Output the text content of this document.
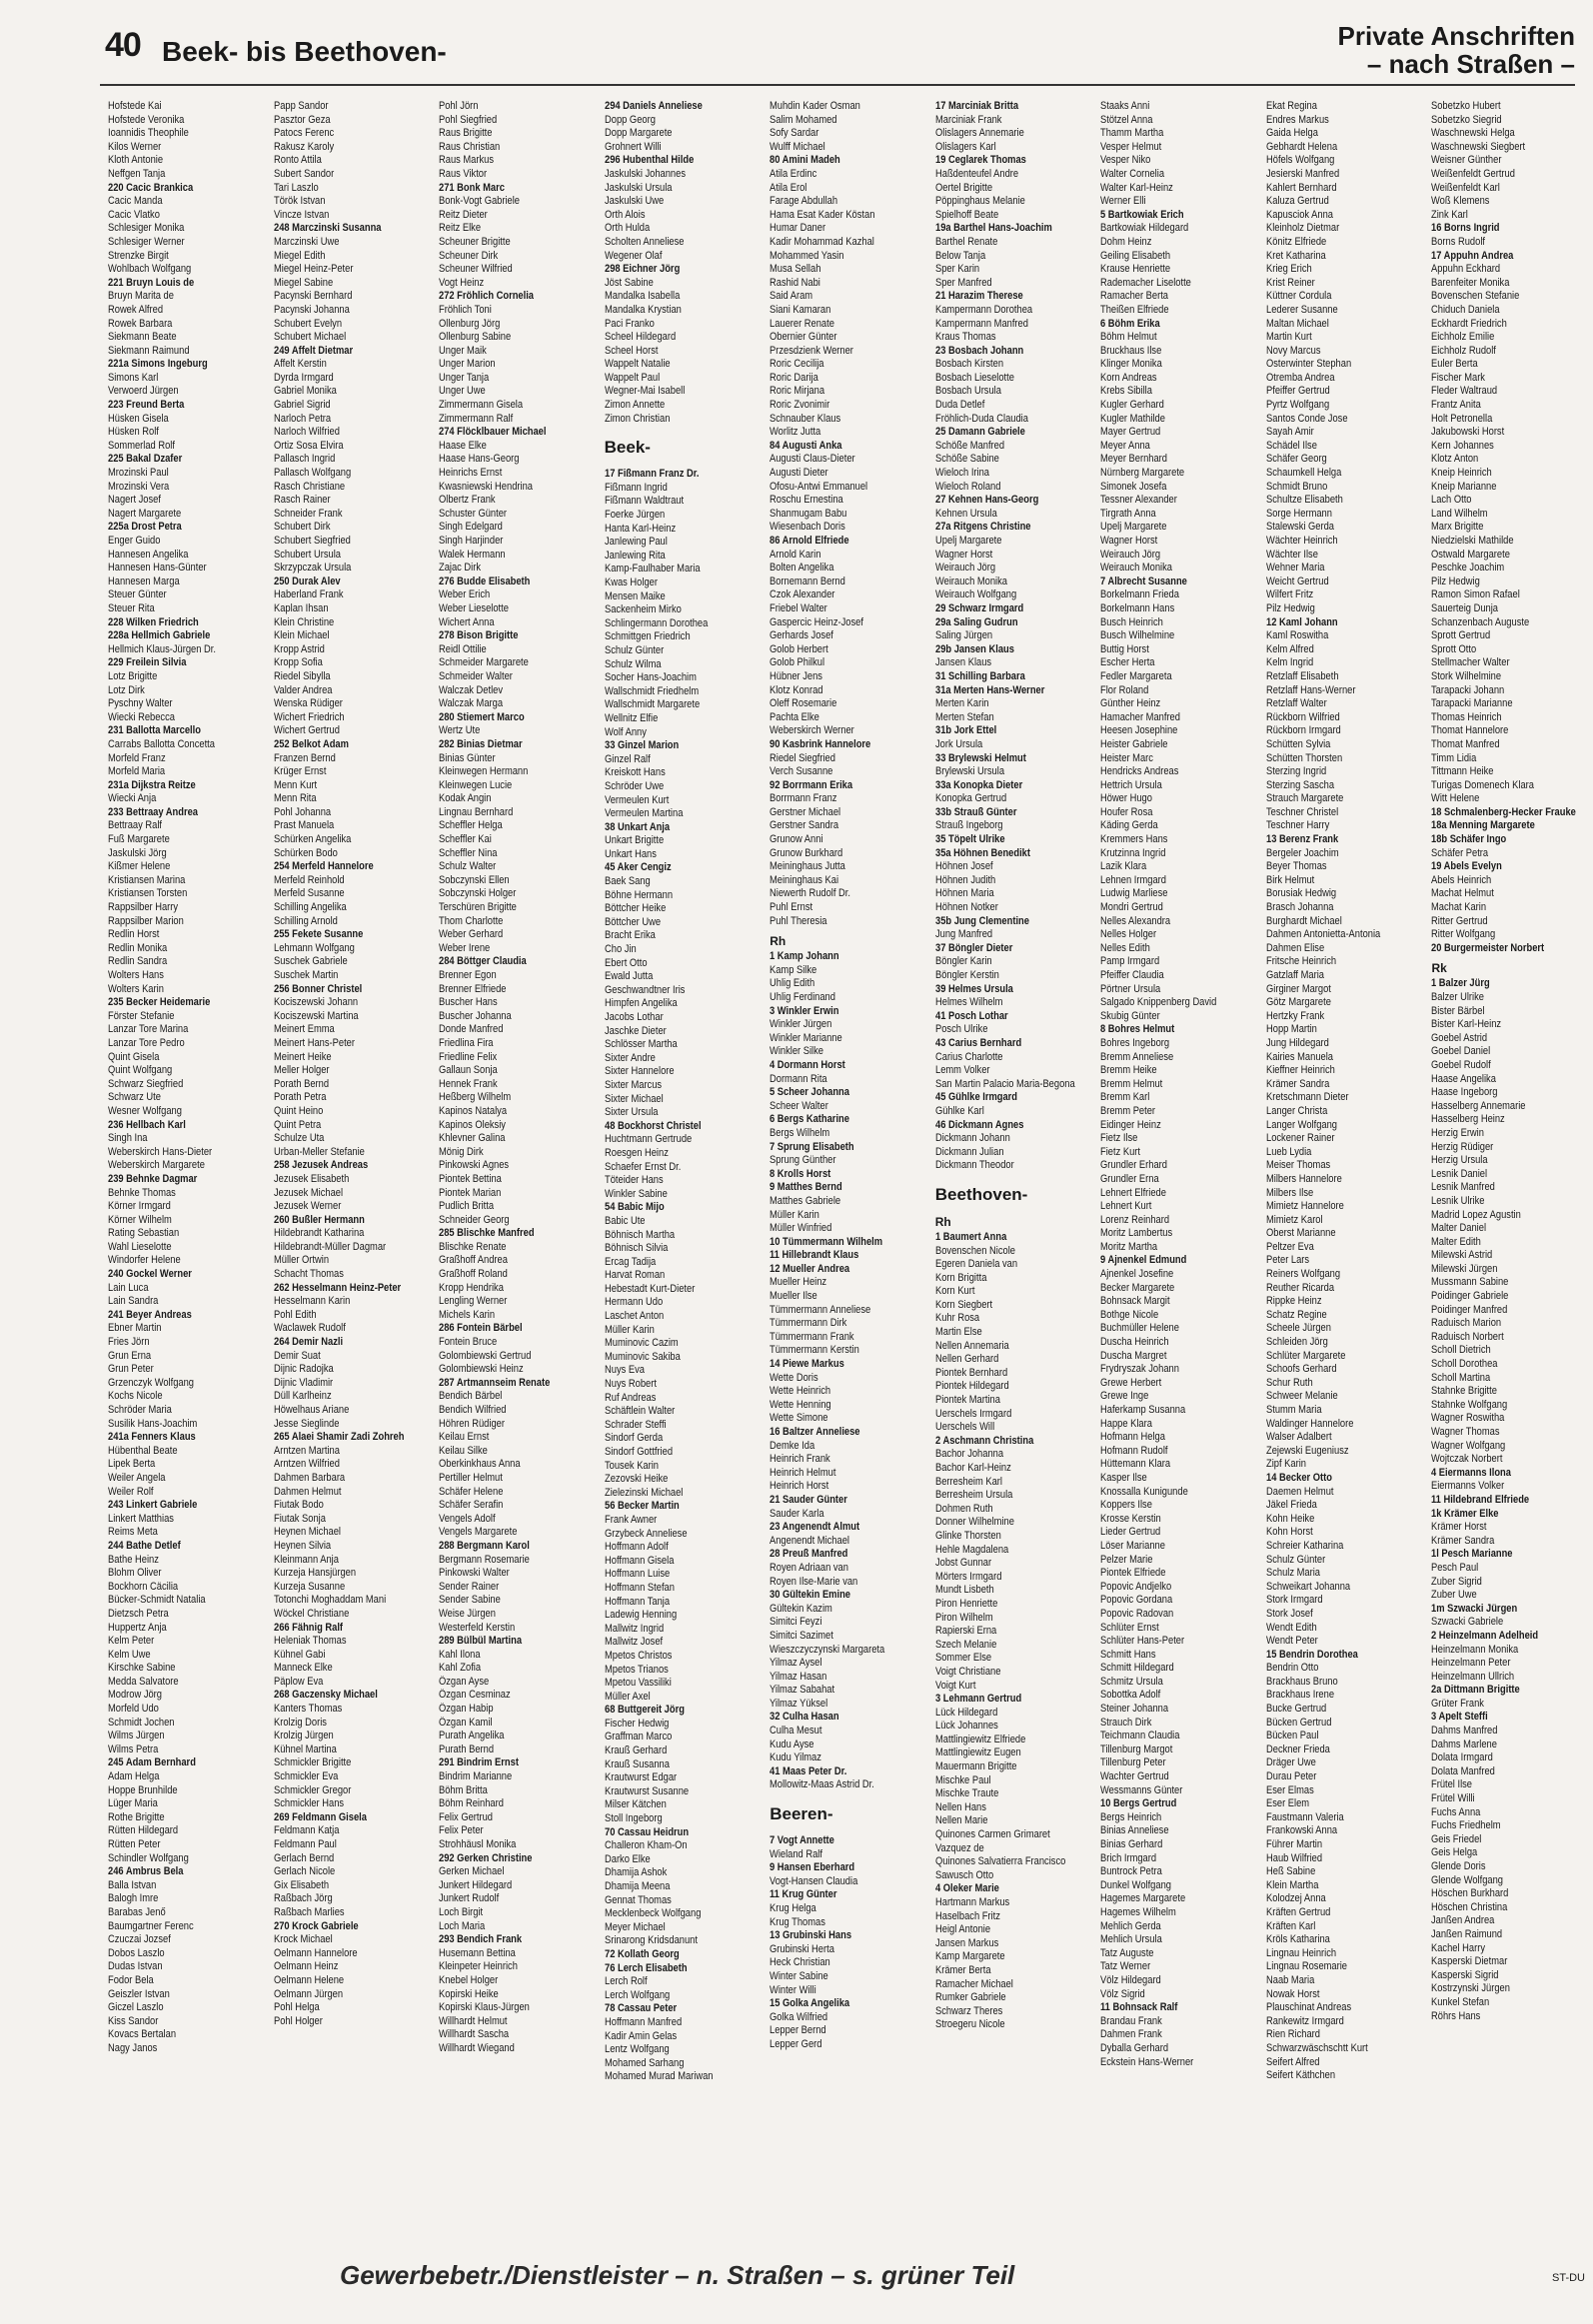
40 Beek- bis Beethoven-	Private Anschriften
– nach Straßen –
Hofstede Kai
Hofstede Veronika
Ioannidis Theophile
Kilos Werner
Kloth Antonie
Neffgen Tanja
220 Cacic Brankica
Cacic Manda
Cacic Vlatko
Schlesiger Monika
Schlesiger Werner
Strenzke Birgit
Wohlbach Wolfgang
221 Bruyn Louis de
Bruyn Marita de
Rowek Alfred
Rowek Barbara
Siekmann Beate
Siekmann Raimund
221a Simons Ingeburg
Simons Karl
Verwoerd Jürgen
223 Freund Berta
Hüsken Gisela
Hüsken Rolf
Sommerlad Rolf
225 Bakal Dzafer
Mrozinski Paul
Mrozinski Vera
Nagert Josef
Nagert Margarete
225a Drost Petra
Enger Guido
Hannesen Angelika
Hannesen Hans-Günter
Hannesen Marga
Steuer Günter
Steuer Rita
228 Wilken Friedrich
228a Hellmich Gabriele
Hellmich Klaus-Jürgen Dr.
229 Freilein Silvia
Lotz Brigitte
Lotz Dirk
Pyschny Walter
Wiecki Rebecca
231 Ballotta Marcello
Carrabs Ballotta Concetta
Morfeld Franz
Morfeld Maria
231a Dijkstra Reitze
Wiecki Anja
233 Bettraay Andrea
Bettraay Ralf
Fuß Margarete
Jaskulski Jörg
Kißmer Helene
Kristiansen Marina
Kristiansen Torsten
Rappsilber Harry
Rappsilber Marion
Redlin Horst
Redlin Monika
Redlin Sandra
Wolters Hans
Wolters Karin
235 Becker Heidemarie
Förster Stefanie
Lanzar Tore Marina
Lanzar Tore Pedro
Quint Gisela
Quint Wolfgang
Schwarz Siegfried
Schwarz Ute
Wesner Wolfgang
236 Hellbach Karl
Singh Ina
Weberskirch Hans-Dieter
Weberskirch Margarete
239 Behnke Dagmar
Behnke Thomas
Körner Irmgard
Körner Wilhelm
Rating Sebastian
Wahl Lieselotte
Windorfer Helene
240 Gockel Werner
Lain Luca
Lain Sandra
241 Beyer Andreas
Ebner Martin
Fries Jörn
Grun Erna
Grun Peter
Grzenczyk Wolfgang
Kochs Nicole
Schröder Maria
Susilik Hans-Joachim
241a Fenners Klaus
Hübenthal Beate
Lipek Berta
Weiler Angela
Weiler Rolf
243 Linkert Gabriele
Linkert Matthias
Reims Meta
244 Bathe Detlef
Bathe Heinz
Blohm Oliver
Bockhorn Cäcilia
Bücker-Schmidt Natalia
Dietzsch Petra
Huppertz Anja
Kelm Peter
Kelm Uwe
Kirschke Sabine
Medda Salvatore
Modrow Jörg
Morfeld Udo
Schmidt Jochen
Wilms Jürgen
Wilms Petra
245 Adam Bernhard
Adam Helga
Hoppe Brunhilde
Lüger Maria
Rothe Brigitte
Rütten Hildegard
Rütten Peter
Schindler Wolfgang
246 Ambrus Bela
Balla Istvan
Balogh Imre
Barabas Jenő
Baumgartner Ferenc
Czuczai Jozsef
Dobos Laszlo
Dudas Istvan
Fodor Bela
Geiszler Istvan
Giczel Laszlo
Kiss Sandor
Kovacs Bertalan
Nagy Janos
Papp Sandor
Pasztor Geza
Patocs Ferenc
Rakusz Karoly
Ronto Attila
Subert Sandor
Tari Laszlo
Török Istvan
Vincze Istvan
248 Marczinski Susanna
Marczinski Uwe
Miegel Edith
Miegel Heinz-Peter
Miegel Sabine
Pacynski Bernhard
Pacynski Johanna
Schubert Evelyn
Schubert Michael
249 Affelt Dietmar
Affelt Kerstin
Dyrda Irmgard
Gabriel Monika
Gabriel Sigrid
Narloch Petra
Narloch Wilfried
Ortiz Sosa Elvira
Pallasch Ingrid
Pallasch Wolfgang
Rasch Christiane
Rasch Rainer
Schneider Frank
Schubert Dirk
Schubert Siegfried
Schubert Ursula
Skrzypczak Ursula
250 Durak Alev
Haberland Frank
Kaplan Ihsan
Klein Christine
Klein Michael
Kropp Astrid
Kropp Sofia
Riedel Sibylla
Valder Andrea
Wenska Rüdiger
Wichert Friedrich
Wichert Gertrud
252 Belkot Adam
Franzen Bernd
Krüger Ernst
Menn Kurt
Menn Rita
Pohl Johanna
Prast Manuela
Schürken Angelika
Schürken Bodo
254 Merfeld Hannelore
Merfeld Reinhold
Merfeld Susanne
Schilling Angelika
Schilling Arnold
255 Fekete Susanne
Lehmann Wolfgang
Suschek Gabriele
Suschek Martin
256 Bonner Christel
Kociszewski Johann
Kociszewski Martina
Meinert Emma
Meinert Hans-Peter
Meinert Heike
Meller Holger
Porath Bernd
Porath Petra
Quint Heino
Quint Petra
Schulze Uta
Urban-Meller Stefanie
258 Jezusek Andreas
Jezusek Elisabeth
Jezusek Michael
Jezusek Werner
260 Bußler Hermann
Hildebrandt Katharina
Hildebrandt-Müller Dagmar
Müller Ortwin
Schacht Thomas
262 Hesselmann Heinz-Peter
Hesselmann Karin
Pohl Edith
Waclawek Rudolf
264 Demir Nazli
Demir Suat
Dijnic Radojka
Dijnic Vladimir
Düll Karlheinz
Höwelhaus Ariane
Jesse Sieglinde
265 Alaei Shamir Zadi Zohreh
Arntzen Martina
Arntzen Wilfried
Dahmen Barbara
Dahmen Helmut
Fiutak Bodo
Fiutak Sonja
Heynen Michael
Heynen Silvia
Kleinmann Anja
Kurzeja Hansjürgen
Kurzeja Susanne
Totonchi Moghaddam Mani
Wöckel Christiane
266 Fähnig Ralf
Heleniak Thomas
Kühnel Gabi
Manneck Elke
Päplow Eva
268 Gaczensky Michael
Kanters Thomas
Krolzig Doris
Krolzig Jürgen
Kühnel Martina
Schmickler Brigitte
Schmickler Eva
Schmickler Gregor
Schmickler Hans
269 Feldmann Gisela
Feldmann Katja
Feldmann Paul
Gerlach Bernd
Gerlach Nicole
Gix Elisabeth
Raßbach Jörg
Raßbach Marlies
270 Krock Gabriele
Krock Michael
Oelmann Hannelore
Oelmann Heinz
Oelmann Helene
Oelmann Jürgen
Pohl Helga
Pohl Holger
Pohl Jörn
Pohl Siegfried
Raus Brigitte
Raus Christian
Raus Markus
Raus Viktor
271 Bonk Marc
Bonk-Vogt Gabriele
Reitz Dieter
Reitz Elke
Scheuner Brigitte
Scheuner Dirk
Scheuner Wilfried
Vogt Heinz
272 Fröhlich Cornelia
Fröhlich Toni
Ollenburg Jörg
Ollenburg Sabine
Unger Maik
Unger Marion
Unger Tanja
Unger Uwe
Zimmermann Gisela
Zimmermann Ralf
274 Flöcklbauer Michael
Haase Elke
Haase Hans-Georg
Heinrichs Ernst
Kwasniewski Hendrina
Olbertz Frank
Schuster Günter
Singh Edelgard
Singh Harjinder
Walek Hermann
Zajac Dirk
276 Budde Elisabeth
Weber Erich
Weber Lieselotte
Wichert Anna
278 Bison Brigitte
Reidl Ottilie
Schmeider Margarete
Schmeider Walter
Walczak Detlev
Walczak Marga
280 Stiemert Marco
Wertz Ute
282 Binias Dietmar
Binias Günter
Kleinwegen Hermann
Kleinwegen Lucie
Kodak Angin
Lingnau Bernhard
Scheffler Helga
Scheffler Kai
Scheffler Nina
Schulz Walter
Sobczynski Ellen
Sobczynski Holger
Terschüren Brigitte
Thom Charlotte
Weber Gerhard
Weber Irene
284 Böttger Claudia
Brenner Egon
Brenner Elfriede
Buscher Hans
Buscher Johanna
Donde Manfred
Friedlina Fira
Friedline Felix
Gallaun Sonja
Hennek Frank
Heßberg Wilhelm
Kapinos Natalya
Kapinos Oleksiy
Khlevner Galina
Mönig Dirk
Pinkowski Agnes
Piontek Bettina
Piontek Marian
Pudlich Britta
Schneider Georg
285 Blischke Manfred
Blischke Renate
Graßhoff Andrea
Graßhoff Roland
Kropp Hendrika
Lengling Werner
Michels Karin
286 Fontein Bärbel
Fontein Bruce
Golombiewski Gertrud
Golombiewski Heinz
287 Artmannseim Renate
Bendich Bärbel
Bendich Wilfried
Höhren Rüdiger
Keilau Ernst
Keilau Silke
Oberkinkhaus Anna
Pertiller Helmut
Schäfer Helene
Schäfer Serafin
Vengels Adolf
Vengels Margarete
288 Bergmann Karol
Bergmann Rosemarie
Pinkowski Walter
Sender Rainer
Sender Sabine
Weise Jürgen
Westerfeld Kerstin
289 Bülbül Martina
Kahl Ilona
Kahl Zofia
Özgan Ayse
Özgan Cesminaz
Özgan Habip
Özgan Kamil
Purath Angelika
Purath Bernd
291 Bindrim Ernst
Bindrim Marianne
Böhm Britta
Böhm Reinhard
Felix Gertrud
Felix Peter
Strohhäusl Monika
292 Gerken Christine
Gerken Michael
Junkert Hildegard
Junkert Rudolf
Loch Birgit
Loch Maria
293 Bendich Frank
Husemann Bettina
Kleinpeter Heinrich
Knebel Holger
Kopirski Heike
Kopirski Klaus-Jürgen
Willhardt Helmut
Willhardt Sascha
Willhardt Wiegand
294 Daniels Anneliese
Dopp Georg
Dopp Margarete
Grohnert Willi
296 Hubenthal Hilde
Jaskulski Johannes
Jaskulski Ursula
Jaskulski Uwe
Orth Alois
Orth Hulda
Scholten Anneliese
Wegener Olaf
298 Eichner Jörg
Jöst Sabine
Mandalka Isabella
Mandalka Krystian
Paci Franko
Scheel Hildegard
Scheel Horst
Wappelt Natalie
Wappelt Paul
Wegner-Mai Isabell
Zimon Annette
Zimon Christian
Beek-
17 Fißmann Franz Dr.
Fißmann Ingrid
Fißmann Waldtraut
Foerke Jürgen
Hanta Karl-Heinz
Janlewing Paul
Janlewing Rita
Kamp-Faulhaber Maria
Kwas Holger
Mensen Maike
Sackenheim Mirko
Schlingermann Dorothea
Schmittgen Friedrich
Schulz Günter
Schulz Wilma
Socher Hans-Joachim
Wallschmidt Friedhelm
Wallschmidt Margarete
Wellnitz Elfie
Wolf Anny
33 Ginzel Marion
Ginzel Ralf
Kreiskott Hans
Schröder Uwe
Vermeulen Kurt
Vermeulen Martina
38 Unkart Anja
Unkart Brigitte
Unkart Hans
45 Aker Cengiz
Baek Sang
Böhne Hermann
Böttcher Heike
Böttcher Uwe
Bracht Erika
Cho Jin
Ebert Otto
Ewald Jutta
Geschwandtner Iris
Himpfen Angelika
Jacobs Lothar
Jaschke Dieter
Schlösser Martha
Sixter Andre
Sixter Hannelore
Sixter Marcus
Sixter Michael
Sixter Ursula
48 Bockhorst Christel
Huchtmann Gertrude
Roesgen Heinz
Schaefer Ernst Dr.
Töteider Hans
Winkler Sabine
54 Babic Mijo
Babic Ute
Böhnisch Martha
Böhnisch Silvia
Ercag Tadija
Harvat Roman
Hebestadt Kurt-Dieter
Hermann Udo
Laschet Anton
Müller Karin
Muminovic Cazim
Muminovic Sakiba
Nuys Eva
Nuys Robert
Ruf Andreas
Schäftlein Walter
Schrader Steffi
Sindorf Gerda
Sindorf Gottfried
Tousek Karin
Zezovski Heike
Zielezinski Michael
56 Becker Martin
Frank Awner
Grzybeck Anneliese
Hoffmann Adolf
Hoffmann Gisela
Hoffmann Luise
Hoffmann Stefan
Hoffmann Tanja
Ladewig Henning
Mallwitz Ingrid
Mallwitz Josef
Mpetos Christos
Mpetos Trianos
Mpetou Vassiliki
Müller Axel
68 Buttgereit Jörg
Fischer Hedwig
Graffman Marco
Krauß Gerhard
Krauß Susanna
Krautwurst Edgar
Krautwurst Susanne
Milser Kätchen
Stoll Ingeborg
70 Cassau Heidrun
Challeron Kham-On
Darko Elke
Dhamija Ashok
Dhamija Meena
Gennat Thomas
Mecklenbeck Wolfgang
Meyer Michael
Srinarong Kridsdanunt
72 Kollath Georg
76 Lerch Elisabeth
Lerch Rolf
Lerch Wolfgang
78 Cassau Peter
Hoffmann Manfred
Kadir Amin Gelas
Lentz Wolfgang
Mohamed Sarhang
Mohamed Murad Mariwan
Muhdin Kader Osman
Salim Mohamed
Sofy Sardar
Wulff Michael
80 Amini Madeh
Atila Erdinc
Atila Erol
Farage Abdullah
Hama Esat Kader Köstan
Humar Daner
Kadir Mohammad Kazhal
Mohammed Yasin
Musa Sellah
Rashid Nabi
Said Aram
Siani Kamaran
Lauerer Renate
Obernier Günter
Przesdzienk Werner
Roric Cecilija
Roric Darija
Roric Mirjana
Roric Zvonimir
Schnauber Klaus
Worlitz Jutta
84 Augusti Anka
Augusti Claus-Dieter
Augusti Dieter
Ofosu-Antwi Emmanuel
Roschu Ernestina
Shanmugam Babu
Wiesenbach Doris
86 Arnold Elfriede
Arnold Karin
Bolten Angelika
Bornemann Bernd
Czok Alexander
Friebel Walter
Gaspercic Heinz-Josef
Gerhards Josef
Golob Herbert
Golob Philkul
Hübner Jens
Klotz Konrad
Oleff Rosemarie
Pachta Elke
Weberskirch Werner
90 Kasbrink Hannelore
Riedel Siegfried
Verch Susanne
92 Borrmann Erika
Borrmann Franz
Gerstner Michael
Gerstner Sandra
Grunow Anni
Grunow Burkhard
Meininghaus Jutta
Meininghaus Kai
Niewerth Rudolf Dr.
Puhl Ernst
Puhl Theresia
Rh
1 Kamp Johann
Kamp Silke
Uhlig Edith
Uhlig Ferdinand
3 Winkler Erwin
Winkler Jürgen
Winkler Marianne
Winkler Silke
4 Dormann Horst
Dormann Rita
5 Scheer Johanna
Scheer Walter
6 Bergs Katharine
Bergs Wilhelm
7 Sprung Elisabeth
Sprung Günther
8 Krolls Horst
9 Matthes Bernd
Matthes Gabriele
Müller Karin
Müller Winfried
10 Tümmermann Wilhelm
11 Hillebrandt Klaus
12 Mueller Andrea
Mueller Heinz
Mueller Ilse
Tümmermann Anneliese
Tümmermann Dirk
Tümmermann Frank
Tümmermann Kerstin
14 Piewe Markus
Wette Doris
Wette Heinrich
Wette Henning
Wette Simone
16 Baltzer Anneliese
Demke Ida
Heinrich Frank
Heinrich Helmut
Heinrich Horst
21 Sauder Günter
Sauder Karla
23 Angenendt Almut
Angenendt Michael
28 Preuß Manfred
Royen Adriaan van
Royen Ilse-Marie van
30 Gültekin Emine
Gültekin Kazim
Simitci Feyzi
Simitci Sazimet
Wieszczyczynski Margareta
Yilmaz Aysel
Yilmaz Hasan
Yilmaz Sabahat
Yilmaz Yüksel
32 Culha Hasan
Culha Mesut
Kudu Ayse
Kudu Yilmaz
41 Maas Peter Dr.
Mollowitz-Maas Astrid Dr.
Beeren-
7 Vogt Annette
Wieland Ralf
9 Hansen Eberhard
Vogt-Hansen Claudia
11 Krug Günter
Krug Helga
Krug Thomas
13 Grubinski Hans
Grubinski Herta
Heck Christian
Winter Sabine
Winter Willi
15 Golka Angelika
Golka Wilfried
Lepper Bernd
Lepper Gerd
17 Marciniak Britta
Marciniak Frank
Olislagers Annemarie
Olislagers Karl
19 Ceglarek Thomas
Haßdenteufel Andre
Oertel Brigitte
Pöppinghaus Melanie
Spielhoff Beate
19a Barthel Hans-Joachim
Barthel Renate
Below Tanja
Sper Karin
Sper Manfred
21 Harazim Therese
Kampermann Dorothea
Kampermann Manfred
Kraus Thomas
23 Bosbach Johann
Bosbach Kirsten
Bosbach Lieselotte
Bosbach Ursula
Duda Detlef
Fröhlich-Duda Claudia
25 Damann Gabriele
Schöße Manfred
Schöße Sabine
Wieloch Irina
Wieloch Roland
27 Kehnen Hans-Georg
Kehnen Ursula
27a Ritgens Christine
Upelj Margarete
Wagner Horst
Weirauch Jörg
Weirauch Monika
Weirauch Wolfgang
29 Schwarz Irmgard
29a Saling Gudrun
Saling Jürgen
29b Jansen Klaus
Jansen Klaus
31 Schilling Barbara
31a Merten Hans-Werner
Merten Karin
Merten Stefan
31b Jork Ettel
Jork Ursula
33 Brylewski Helmut
Brylewski Ursula
33a Konopka Dieter
Konopka Gertrud
33b Strauß Günter
Strauß Ingeborg
35 Töpelt Ulrike
35a Höhnen Benedikt
Höhnen Josef
Höhnen Judith
Höhnen Maria
Höhnen Notker
35b Jung Clementine
Jung Manfred
37 Böngler Dieter
Böngler Karin
Böngler Kerstin
39 Helmes Ursula
Helmes Wilhelm
41 Posch Lothar
Posch Ulrike
43 Carius Bernhard
Carius Charlotte
Lemm Volker
San Martin Palacio Maria-Begona
45 Gühlke Irmgard
Gühlke Karl
46 Dickmann Agnes
Dickmann Johann
Dickmann Julian
Dickmann Theodor
Beethoven-
Rh
1 Baumert Anna
Bovenschen Nicole
Egeren Daniela van
Korn Brigitta
Korn Kurt
Korn Siegbert
Kuhr Rosa
Martin Else
Nellen Annemaria
Nellen Gerhard
Piontek Bernhard
Piontek Hildegard
Piontek Martina
Uerschels Irmgard
Uerschels Will
2 Aschmann Christina
Bachor Johanna
Bachor Karl-Heinz
Berresheim Karl
Berresheim Ursula
Dohmen Ruth
Donner Wilhelmine
Glinke Thorsten
Hehle Magdalena
Jobst Gunnar
Mörters Irmgard
Mundt Lisbeth
Piron Henriette
Piron Wilhelm
Rapierski Erna
Szech Melanie
Sommer Else
Voigt Christiane
Voigt Kurt
3 Lehmann Gertrud
Lück Hildegard
Lück Johannes
Mattlingiewitz Elfriede
Mattlingiewitz Eugen
Mauermann Brigitte
Mischke Paul
Mischke Traute
Nellen Hans
Nellen Marie
Quinones Carmen Grimaret
Vazquez de
Quinones Salvatierra Francisco
Sawusch Otto
4 Oleker Marie
Hartmann Markus
Haselbach Fritz
Heigl Antonie
Jansen Markus
Kamp Margarete
Krämer Berta
Ramacher Michael
Rumker Gabriele
Schwarz Theres
Stroegeru Nicole
Staaks Anni
Stötzel Anna
Thamm Martha
Vesper Helmut
Vesper Niko
Walter Cornelia
Walter Karl-Heinz
Werner Elli
5 Bartkowiak Erich
Bartkowiak Hildegard
Dohm Heinz
Geiling Elisabeth
Krause Henriette
Rademacher Liselotte
Ramacher Berta
Theißen Elfriede
6 Böhm Erika
Böhm Helmut
Bruckhaus Ilse
Klinger Monika
Korn Andreas
Krebs Sibilla
Kugler Gerhard
Kugler Mathilde
Mayer Gertrud
Meyer Anna
Meyer Bernhard
Nürnberg Margarete
Simonek Josefa
Tessner Alexander
Tirgrath Anna
Upelj Margarete
Wagner Horst
Weirauch Jörg
Weirauch Monika
7 Albrecht Susanne
Borkelmann Frieda
Borkelmann Hans
Busch Heinrich
Busch Wilhelmine
Buttig Horst
Escher Herta
Fedler Margareta
Flor Roland
Günther Heinz
Hamacher Manfred
Heesen Josephine
Heister Gabriele
Heister Marc
Hendricks Andreas
Hettrich Ursula
Höwer Hugo
Houfer Rosa
Käding Gerda
Kremmers Hans
Krutzinna Ingrid
Lazik Klara
Lehnen Irmgard
Ludwig Marliese
Mondri Gertrud
Nelles Alexandra
Nelles Holger
Nelles Edith
Pamp Irmgard
Pfeiffer Claudia
Pörtner Ursula
Salgado Knippenberg David
Skubig Günter
8 Bohres Helmut
Bohres Ingeborg
Bremm Anneliese
Bremm Heike
Bremm Helmut
Bremm Karl
Bremm Peter
Eidinger Heinz
Fietz Ilse
Fietz Kurt
Grundler Erhard
Grundler Erna
Lehnert Elfriede
Lehnert Kurt
Lorenz Reinhard
Moritz Lambertus
Moritz Martha
9 Ajnenkel Edmund
Ajnenkel Josefine
Becker Margarete
Bohnsack Margit
Bothge Nicole
Buchmüller Helene
Duscha Heinrich
Duscha Margret
Frydryszak Johann
Grewe Herbert
Grewe Inge
Haferkamp Susanna
Happe Klara
Hofmann Helga
Hofmann Rudolf
Hüttemann Klara
Kasper Ilse
Knossalla Kunigunde
Koppers Ilse
Krosse Kerstin
Lieder Gertrud
Löser Marianne
Pelzer Marie
Piontek Elfriede
Popovic Andjelko
Popovic Gordana
Popovic Radovan
Schlüter Ernst
Schlüter Hans-Peter
Schmitt Hans
Schmitt Hildegard
Schmitz Ursula
Sobottka Adolf
Steiner Johanna
Strauch Dirk
Teichmann Claudia
Tillenburg Margot
Tillenburg Peter
Wachter Gertrud
Wessmanns Günter
10 Bergs Gertrud
Bergs Heinrich
Binias Anneliese
Binias Gerhard
Brich Irmgard
Buntrock Petra
Dunkel Wolfgang
Hagemes Margarete
Hagemes Wilhelm
Mehlich Gerda
Mehlich Ursula
Tatz Auguste
Tatz Werner
Völz Hildegard
Völz Sigrid
11 Bohnsack Ralf
Brandau Frank
Dahmen Frank
Dyballa Gerhard
Eckstein Hans-Werner
Ekat Regina
Endres Markus
Gaida Helga
Gebhardt Helena
Höfels Wolfgang
Jesierski Manfred
Kahlert Bernhard
Kaluza Gertrud
Kapusciok Anna
Kleinholz Dietmar
Könitz Elfriede
Kret Katharina
Krieg Erich
Krist Reiner
Küttner Cordula
Lederer Susanne
Maltan Michael
Martin Kurt
Novy Marcus
Osterwinter Stephan
Otremba Andrea
Pfeiffer Gertrud
Pyrtz Wolfgang
Santos Conde Jose
Sayah Amir
Schädel Ilse
Schäfer Georg
Schaumkell Helga
Schmidt Bruno
Schultze Elisabeth
Sorge Hermann
Stalewski Gerda
Wächter Heinrich
Wächter Ilse
Wehner Maria
Weicht Gertrud
Wilfert Fritz
Pilz Hedwig
12 Kaml Johann
Kaml Roswitha
Kelm Alfred
Kelm Ingrid
Retzlaff Elisabeth
Retzlaff Hans-Werner
Retzlaff Walter
Rückborn Wilfried
Rückborn Irmgard
Schütten Sylvia
Schütten Thorsten
Sterzing Ingrid
Sterzing Sascha
Strauch Margarete
Teschner Christel
Teschner Harry
13 Berenz Frank
Bergeler Joachim
Beyer Thomas
Birk Helmut
Borusiak Hedwig
Brasch Johanna
Burghardt Michael
Dahmen Antonietta-Antonia
Dahmen Elise
Fritsche Heinrich
Gatzlaff Maria
Girginer Margot
Götz Margarete
Hertzky Frank
Hopp Martin
Jung Hildegard
Kairies Manuela
Kieffner Heinrich
Krämer Sandra
Kretschmann Dieter
Langer Christa
Langer Wolfgang
Lockener Rainer
Lueb Lydia
Meiser Thomas
Milbers Hannelore
Milbers Ilse
Mimietz Hannelore
Mimietz Karol
Oberst Marianne
Peltzer Eva
Peter Lars
Reiners Wolfgang
Reuther Ricarda
Rippke Heinz
Schatz Regine
Scheele Jürgen
Schleiden Jörg
Schlüter Margarete
Schoofs Gerhard
Schur Ruth
Schweer Melanie
Stumm Maria
Waldinger Hannelore
Walser Adalbert
Zejewski Eugeniusz
Zipf Karin
14 Becker Otto
Daemen Helmut
Jäkel Frieda
Kohn Heike
Kohn Horst
Schreier Katharina
Schulz Günter
Schulz Maria
Schweikart Johanna
Stork Irmgard
Stork Josef
Wendt Edith
Wendt Peter
15 Bendrin Dorothea
Bendrin Otto
Brackhaus Bruno
Brackhaus Irene
Bucke Gertrud
Bücken Gertrud
Bücken Paul
Deckner Frieda
Dräger Uwe
Durau Peter
Eser Elmas
Eser Elem
Faustmann Valeria
Frankowski Anna
Führer Martin
Haub Wilfried
Heß Sabine
Klein Martha
Kolodzej Anna
Kräften Gertrud
Kräften Karl
Kröls Katharina
Lingnau Heinrich
Lingnau Rosemarie
Naab Maria
Nowak Horst
Plauschinat Andreas
Rankewitz Irmgard
Rien Richard
Schwarzwäschschtt Kurt
Seifert Alfred
Seifert Käthchen
Sobetzko Hubert
Sobetzko Siegrid
Waschnewski Helga
Waschnewski Siegbert
Weisner Günther
Weißenfeldt Gertrud
Weißenfeldt Karl
Woß Klemens
Zink Karl
16 Borns Ingrid
Borns Rudolf
17 Appuhn Andrea
Appuhn Eckhard
Barenfeiter Monika
Bovenschen Stefanie
Chiduch Daniela
Eckhardt Friedrich
Eichholz Emilie
Eichholz Rudolf
Euler Berta
Fischer Mark
Fleder Waltraud
Frantz Anita
Holt Petronella
Jakubowski Horst
Kern Johannes
Klotz Anton
Kneip Heinrich
Kneip Marianne
Lach Otto
Land Wilhelm
Marx Brigitte
Niedzielski Mathilde
Ostwald Margarete
Peschke Joachim
Pilz Hedwig
Ramon Simon Rafael
Sauerteig Dunja
Schanzenbach Auguste
Sprott Gertrud
Sprott Otto
Stellmacher Walter
Stork Wilhelmine
Tarapacki Johann
Tarapacki Marianne
Thomas Heinrich
Thomat Hannelore
Thomat Manfred
Timm Lidia
Tittmann Heike
Turigas Domenech Klara
Witt Helene
18 Schmalenberg-Hecker Frauke
18a Menning Margarete
18b Schäfer Ingo
Schäfer Petra
19 Abels Evelyn
Abels Heinrich
Machat Helmut
Machat Karin
Ritter Gertrud
Ritter Wolfgang
20 Burgermeister Norbert
Rk
1 Balzer Jürg
Balzer Ulrike
Bister Bärbel
Bister Karl-Heinz
Goebel Astrid
Goebel Daniel
Goebel Rudolf
Haase Angelika
Haase Ingeborg
Hasselberg Annemarie
Hasselberg Heinz
Herzig Erwin
Herzig Rüdiger
Herzig Ursula
Lesnik Daniel
Lesnik Manfred
Lesnik Ulrike
Madrid Lopez Agustin
Malter Daniel
Malter Edith
Milewski Astrid
Milewski Jürgen
Mussmann Sabine
Poidinger Gabriele
Poidinger Manfred
Raduisch Marion
Raduisch Norbert
Scholl Dietrich
Scholl Dorothea
Scholl Martina
Stahnke Brigitte
Stahnke Wolfgang
Wagner Roswitha
Wagner Thomas
Wagner Wolfgang
Wojtczak Norbert
4 Eiermanns Ilona
Eiermanns Volker
11 Hildebrand Elfriede
1k Krämer Elke
Krämer Horst
Krämer Sandra
1l Pesch Marianne
Pesch Paul
Zuber Sigrid
Zuber Uwe
1m Szwacki Jürgen
Szwacki Gabriele
2 Heinzelmann Adelheid
Heinzelmann Monika
Heinzelmann Peter
Heinzelmann Ullrich
2a Dittmann Brigitte
Grüter Frank
3 Apelt Steffi
Dahms Manfred
Dahms Marlene
Dolata Irmgard
Dolata Manfred
Frütel Ilse
Frütel Willi
Fuchs Anna
Fuchs Friedhelm
Geis Friedel
Geis Helga
Glende Doris
Glende Wolfgang
Höschen Burkhard
Höschen Christina
Janßen Andrea
Janßen Raimund
Kachel Harry
Kasperski Dietmar
Kasperski Sigrid
Kostrzynski Jürgen
Kunkel Stefan
Röhrs Hans
Gewerbebetr./Dienstleister – n. Straßen – s. grüner Teil	ST-DU
